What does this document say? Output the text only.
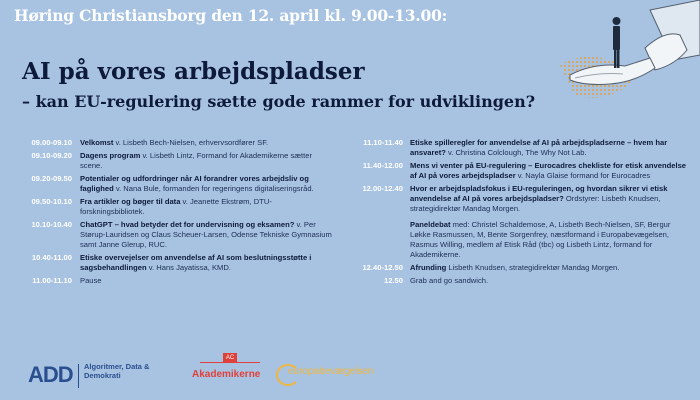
Høring Christiansborg den 12. april kl. 9.00-13.00:
AI på vores arbejdspladser
– kan EU-regulering sætte gode rammer for udviklingen?
09.00-09.10 Velkomst v. Lisbeth Bech-Nielsen, erhvervsordfører SF.
09.10-09.20 Dagens program v. Lisbeth Lintz, Formand for Akademikerne sætter scene.
09.20-09.50 Potentialer og udfordringer når AI forandrer vores arbejdsliv og faglighed v. Nana Bule, formanden for regeringens digitaliseringsråd.
09.50-10.10 Fra artikler og bøger til data v. Jeanette Ekstrøm, DTU-forskningsbibliotek.
10.10-10.40 ChatGPT – hvad betyder det for undervisning og eksamen? v. Per Størup-Lauridsen og Claus Scheuer-Larsen, Odense Tekniske Gymnasium samt Janne Glerup, RUC.
10.40-11.00 Etiske overvejelser om anvendelse af AI som beslutningsstøtte i sagsbehandlingen v. Hans Jayatissa, KMD.
11.00-11.10 Pause
11.10-11.40 Etiske spilleregler for anvendelse af AI på arbejdspladserne – hvem har ansvaret? v. Christina Colclough, The Why Not Lab.
11.40-12.00 Mens vi venter på EU-regulering – Eurocadres chekliste for etisk anvendelse af AI på vores arbejdspladser v. Nayla Glaise formand for Eurocadres
12.00-12.40 Hvor er arbejdspladsfokus i EU-reguleringen, og hvordan sikrer vi etisk anvendelse af AI på vores arbejdspladser? Ordstyrer: Lisbeth Knudsen, strategidirektør Mandag Morgen.
Paneldebat med: Christel Schaldemose, A, Lisbeth Bech-Nielsen, SF, Bergur Løkke Rasmussen, M, Bente Sorgenfrey, næstformand i Europabevægelsen, Rasmus Willing, medlem af Etisk Råd (tbc) og Lisbeth Lintz, formand for Akademikerne.
12.40-12.50 Afrunding Lisbeth Knudsen, strategidirektør Mandag Morgen.
12.50 Grab and go sandwich.
ADD Algoritmer, Data & Demokrati
AC
Akademikerne	europabevægelsen
